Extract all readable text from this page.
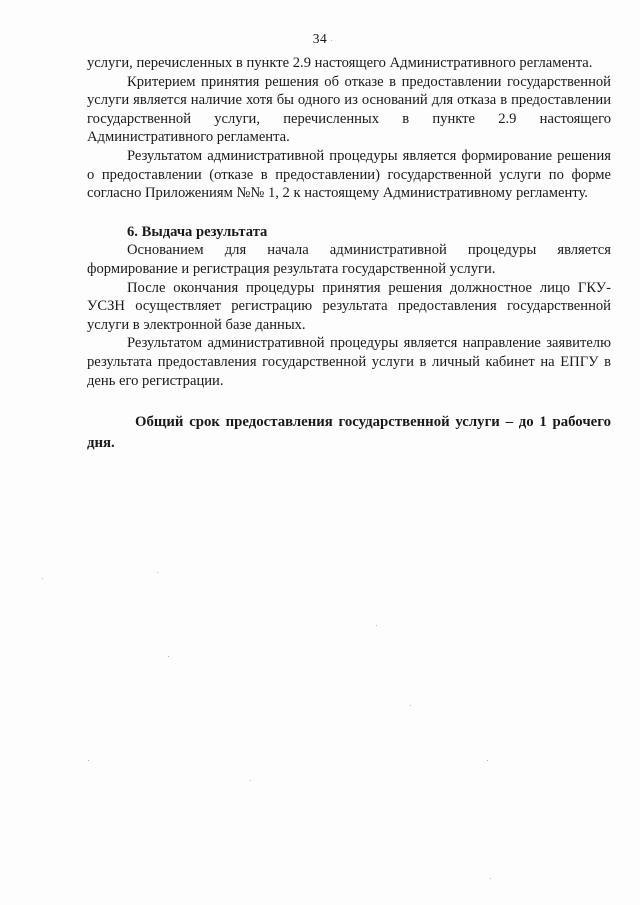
34

услуги, перечисленных в пункте 2.9 настоящего Административного регламента.

Критерием принятия решения об отказе в предоставлении государственной услуги является наличие хотя бы одного из оснований для отказа в предоставлении государственной услуги, перечисленных в пункте 2.9 настоящего Административного регламента.

Результатом административной процедуры является формирование решения о предоставлении (отказе в предоставлении) государственной услуги по форме согласно Приложениям №№ 1, 2 к настоящему Административному регламенту.

6. Выдача результата

Основанием для начала административной процедуры является формирование и регистрация результата государственной услуги.

После окончания процедуры принятия решения должностное лицо ГКУ-УСЗН осуществляет регистрацию результата предоставления государственной услуги в электронной базе данных.

Результатом административной процедуры является направление заявителю результата предоставления государственной услуги в личный кабинет на ЕПГУ в день его регистрации.

Общий срок предоставления государственной услуги – до 1 рабочего дня.
